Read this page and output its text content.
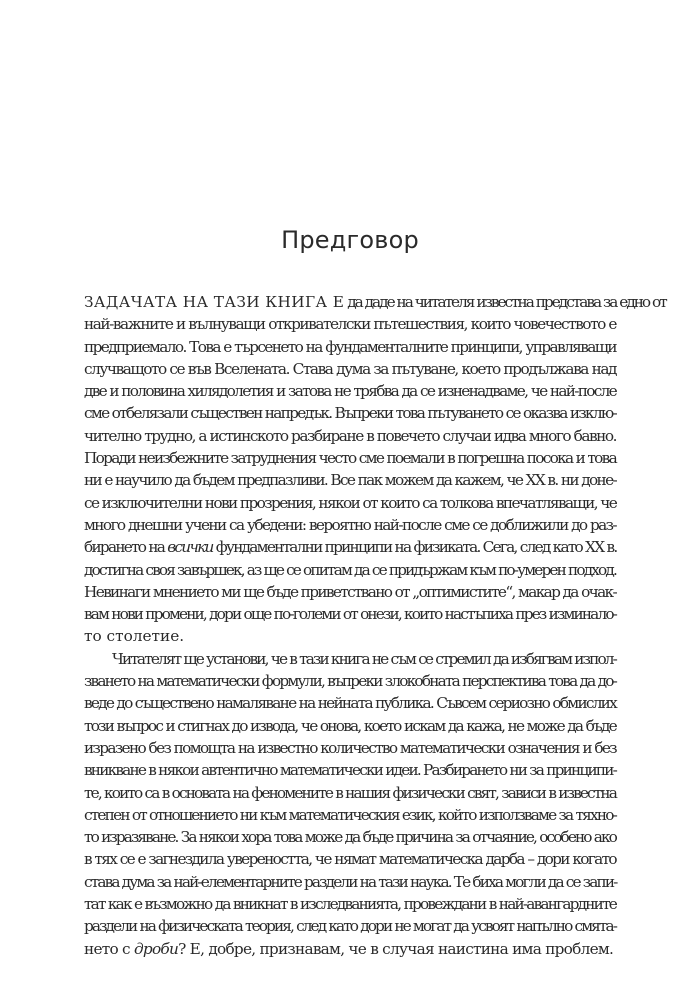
Предговор
ЗАДАЧАТА НА ТАЗИ КНИГА Е да даде на читателя известна представа за едно от
най-важните и вълнуващи откривателски пътешествия, които човечеството е
предприемало. Това е търсенето на фундаменталните принципи, управляващи
случващото се във Вселената. Става дума за пътуване, което продължава над
две и половина хилядолетия и затова не трябва да се изненадваме, че най-после
сме отбелязали съществен напредък. Въпреки това пътуването се оказва изклю-
чително трудно, а истинското разбиране в повечето случаи идва много бавно.
Поради неизбежните затруднения често сме поемали в погрешна посока и това
ни е научило да бъдем предпазливи. Все пак можем да кажем, че XX в. ни доне-
се изключителни нови прозрения, някои от които са толкова впечатляващи, че
много днешни учени са убедени: вероятно най-после сме се доближили до раз-
бирането на всички фундаментални принципи на физиката. Сега, след като XX в.
достигна своя завършек, аз ще се опитам да се придържам към по-умерен подход.
Невинаги мнението ми ще бъде приветствано от „оптимистите“, макар да очак-
вам нови промени, дори още по-големи от онези, които настъпиха през изминало-
то столетие.
Читателят ще установи, че в тази книга не съм се стремил да избягвам изпол-
зването на математически формули, въпреки злокобната перспектива това да до-
веде до съществено намаляване на нейната публика. Съвсем сериозно обмислих
този въпрос и стигнах до извода, че онова, което искам да кажа, не може да бъде
изразено без помощта на известно количество математически означения и без
вникване в някои автентично математически идеи. Разбирането ни за принципи-
те, които са в основата на феномените в нашия физически свят, зависи в известна
степен от отношението ни към математическия език, който използваме за тяхно-
то изразяване. За някои хора това може да бъде причина за отчаяние, особено ако
в тях се е загнездила увереността, че нямат математическа дарба – дори когато
става дума за най-елементарните раздели на тази наука. Те биха могли да се запи-
тат как е възможно да вникнат в изследванията, провеждани в най-авангардните
раздели на физическата теория, след като дори не могат да усвоят напълно смята-
нето с дроби? Е, добре, признавам, че в случая наистина има проблем.
